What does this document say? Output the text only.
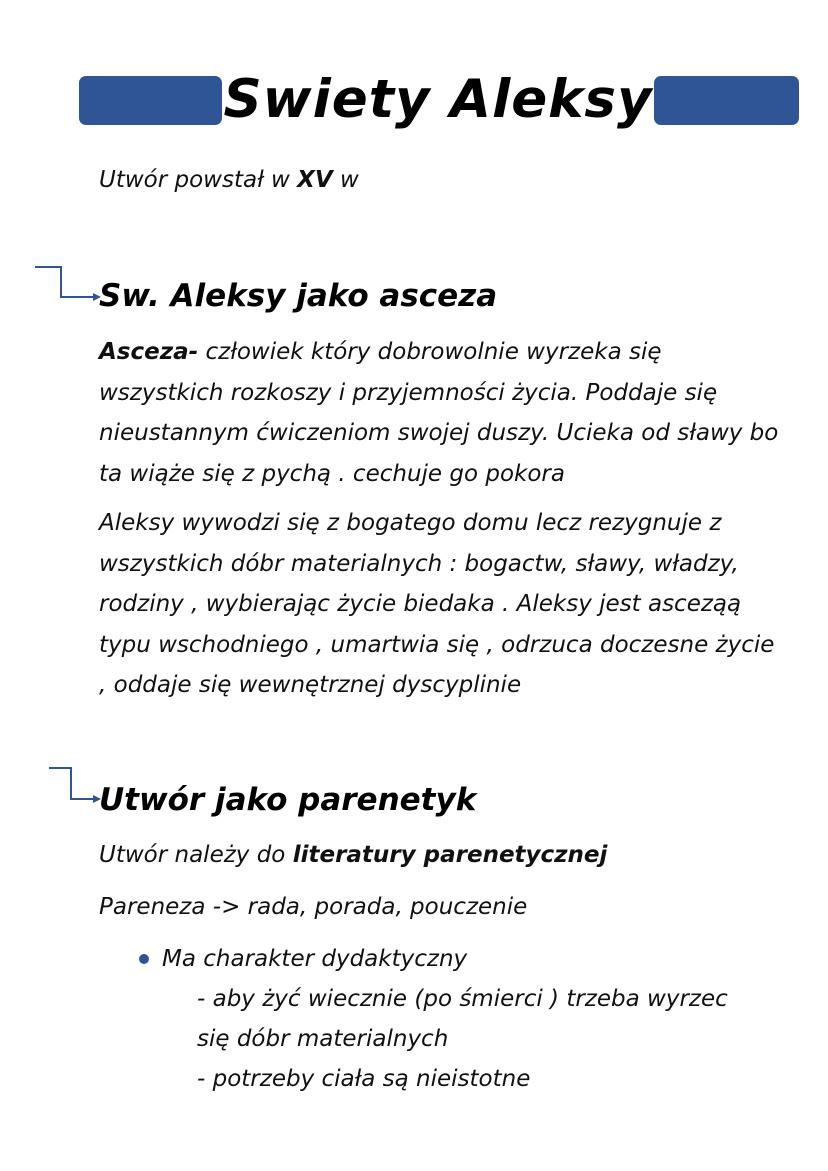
Swiety Aleksy

Utwór powstał w XV w

Sw. Aleksy jako asceza

Asceza- człowiek który dobrowolnie wyrzeka się wszystkich rozkoszy i przyjemności życia. Poddaje się nieustannym ćwiczeniom swojej duszy. Ucieka od sławy bo ta wiąże się z pychą . cechuje go pokora

Aleksy wywodzi się z bogatego domu lecz rezygnuje z wszystkich dóbr materialnych : bogactw, sławy, władzy, rodziny , wybierając życie biedaka . Aleksy jest asceząą typu wschodniego , umartwia się , odrzuca doczesne życie , oddaje się wewnętrznej dyscyplinie

Utwór jako parenetyk

Utwór należy do literatury parenetycznej

Pareneza -> rada, porada, pouczenie

Ma charakter dydaktyczny

- aby żyć wiecznie (po śmierci ) trzeba wyrzec

się dóbr materialnych

- potrzeby ciała są nieistotne
